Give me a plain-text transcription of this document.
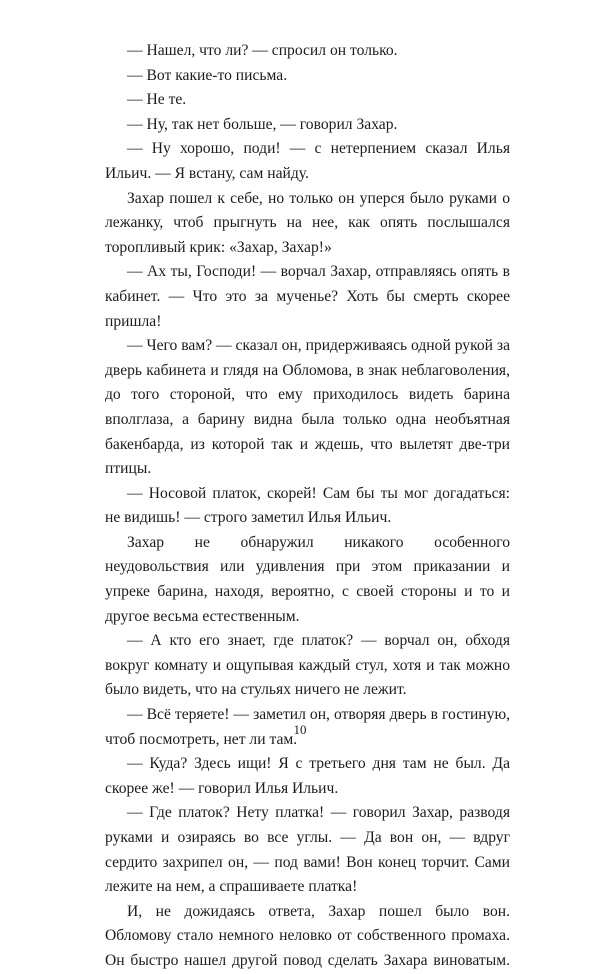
— Нашел, что ли? — спросил он только.

— Вот какие-то письма.

— Не те.

— Ну, так нет больше, — говорил Захар.

— Ну хорошо, поди! — с нетерпением сказал Илья Ильич. — Я встану, сам найду.

Захар пошел к себе, но только он уперся было руками о лежанку, чтоб прыгнуть на нее, как опять послышался торопливый крик: «Захар, Захар!»

— Ах ты, Господи! — ворчал Захар, отправляясь опять в кабинет. — Что это за мученье? Хоть бы смерть скорее пришла!

— Чего вам? — сказал он, придерживаясь одной рукой за дверь кабинета и глядя на Обломова, в знак неблаговоления, до того стороной, что ему приходилось видеть барина вполглаза, а барину видна была только одна необъятная бакенбарда, из которой так и ждешь, что вылетят две-три птицы.

— Носовой платок, скорей! Сам бы ты мог догадаться: не видишь! — строго заметил Илья Ильич.

Захар не обнаружил никакого особенного неудовольствия или удивления при этом приказании и упреке барина, находя, вероятно, с своей стороны и то и другое весьма естественным.

— А кто его знает, где платок? — ворчал он, обходя вокруг комнату и ощупывая каждый стул, хотя и так можно было видеть, что на стульях ничего не лежит.

— Всё теряете! — заметил он, отворяя дверь в гостиную, чтоб посмотреть, нет ли там.

— Куда? Здесь ищи! Я с третьего дня там не был. Да скорее же! — говорил Илья Ильич.

— Где платок? Нету платка! — говорил Захар, разводя руками и озираясь во все углы. — Да вон он, — вдруг сердито захрипел он, — под вами! Вон конец торчит. Сами лежите на нем, а спрашиваете платка!

И, не дожидаясь ответа, Захар пошел было вон. Обломову стало немного неловко от собственного промаха. Он быстро нашел другой повод сделать Захара виноватым.

10
